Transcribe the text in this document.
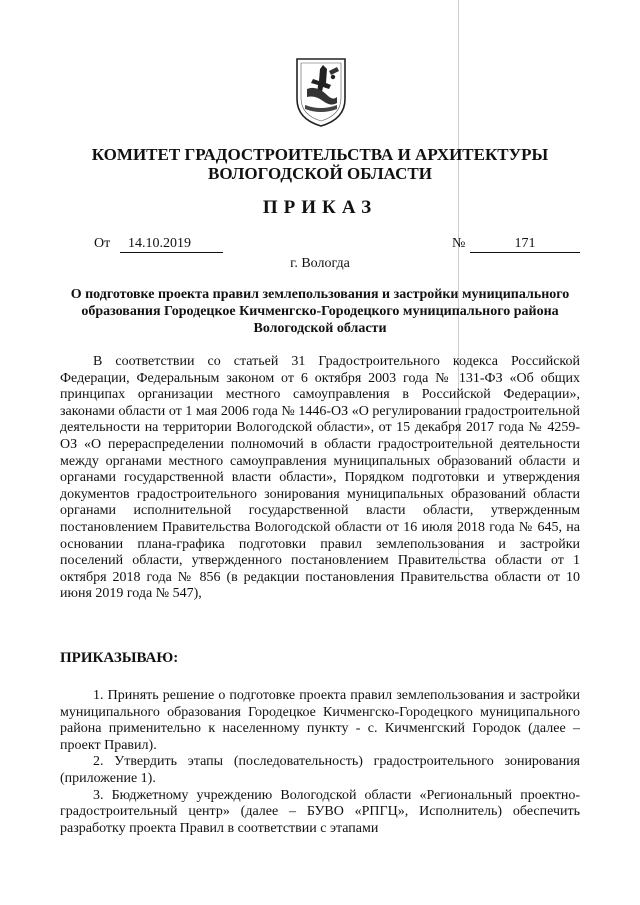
КОМИТЕТ ГРАДОСТРОИТЕЛЬСТВА И АРХИТЕКТУРЫ
ВОЛОГОДСКОЙ ОБЛАСТИ
ПРИКАЗ
От	14.10.2019	№	171
г. Вологда
О подготовке проекта правил землепользования и застройки муниципального образования Городецкое Кичменгско-Городецкого муниципального района Вологодской области
В соответствии со статьей 31 Градостроительного кодекса Российской Федерации, Федеральным законом от 6 октября 2003 года № 131-ФЗ «Об общих принципах организации местного самоуправления в Российской Федерации», законами области от 1 мая 2006 года № 1446-ОЗ «О регулировании градостроительной деятельности на территории Вологодской области», от 15 декабря 2017 года № 4259-ОЗ «О перераспределении полномочий в области градостроительной деятельности между органами местного самоуправления муниципальных образований области и органами государственной власти области», Порядком подготовки и утверждения документов градостроительного зонирования муниципальных образований области органами исполнительной государственной власти области, утвержденным постановлением Правительства Вологодской области от 16 июля 2018 года № 645, на основании плана-графика подготовки правил землепользования и застройки поселений области, утвержденного постановлением Правительства области от 1 октября 2018 года № 856 (в редакции постановления Правительства области от 10 июня 2019 года № 547),
ПРИКАЗЫВАЮ:
1. Принять решение о подготовке проекта правил землепользования и застройки муниципального образования Городецкое Кичменгско-Городецкого муниципального района применительно к населенному пункту - с. Кичменгский Городок (далее – проект Правил).
2. Утвердить этапы (последовательность) градостроительного зонирования (приложение 1).
3. Бюджетному учреждению Вологодской области «Региональный проектно-градостроительный центр» (далее – БУВО «РПГЦ», Исполнитель) обеспечить разработку проекта Правил в соответствии с этапами
